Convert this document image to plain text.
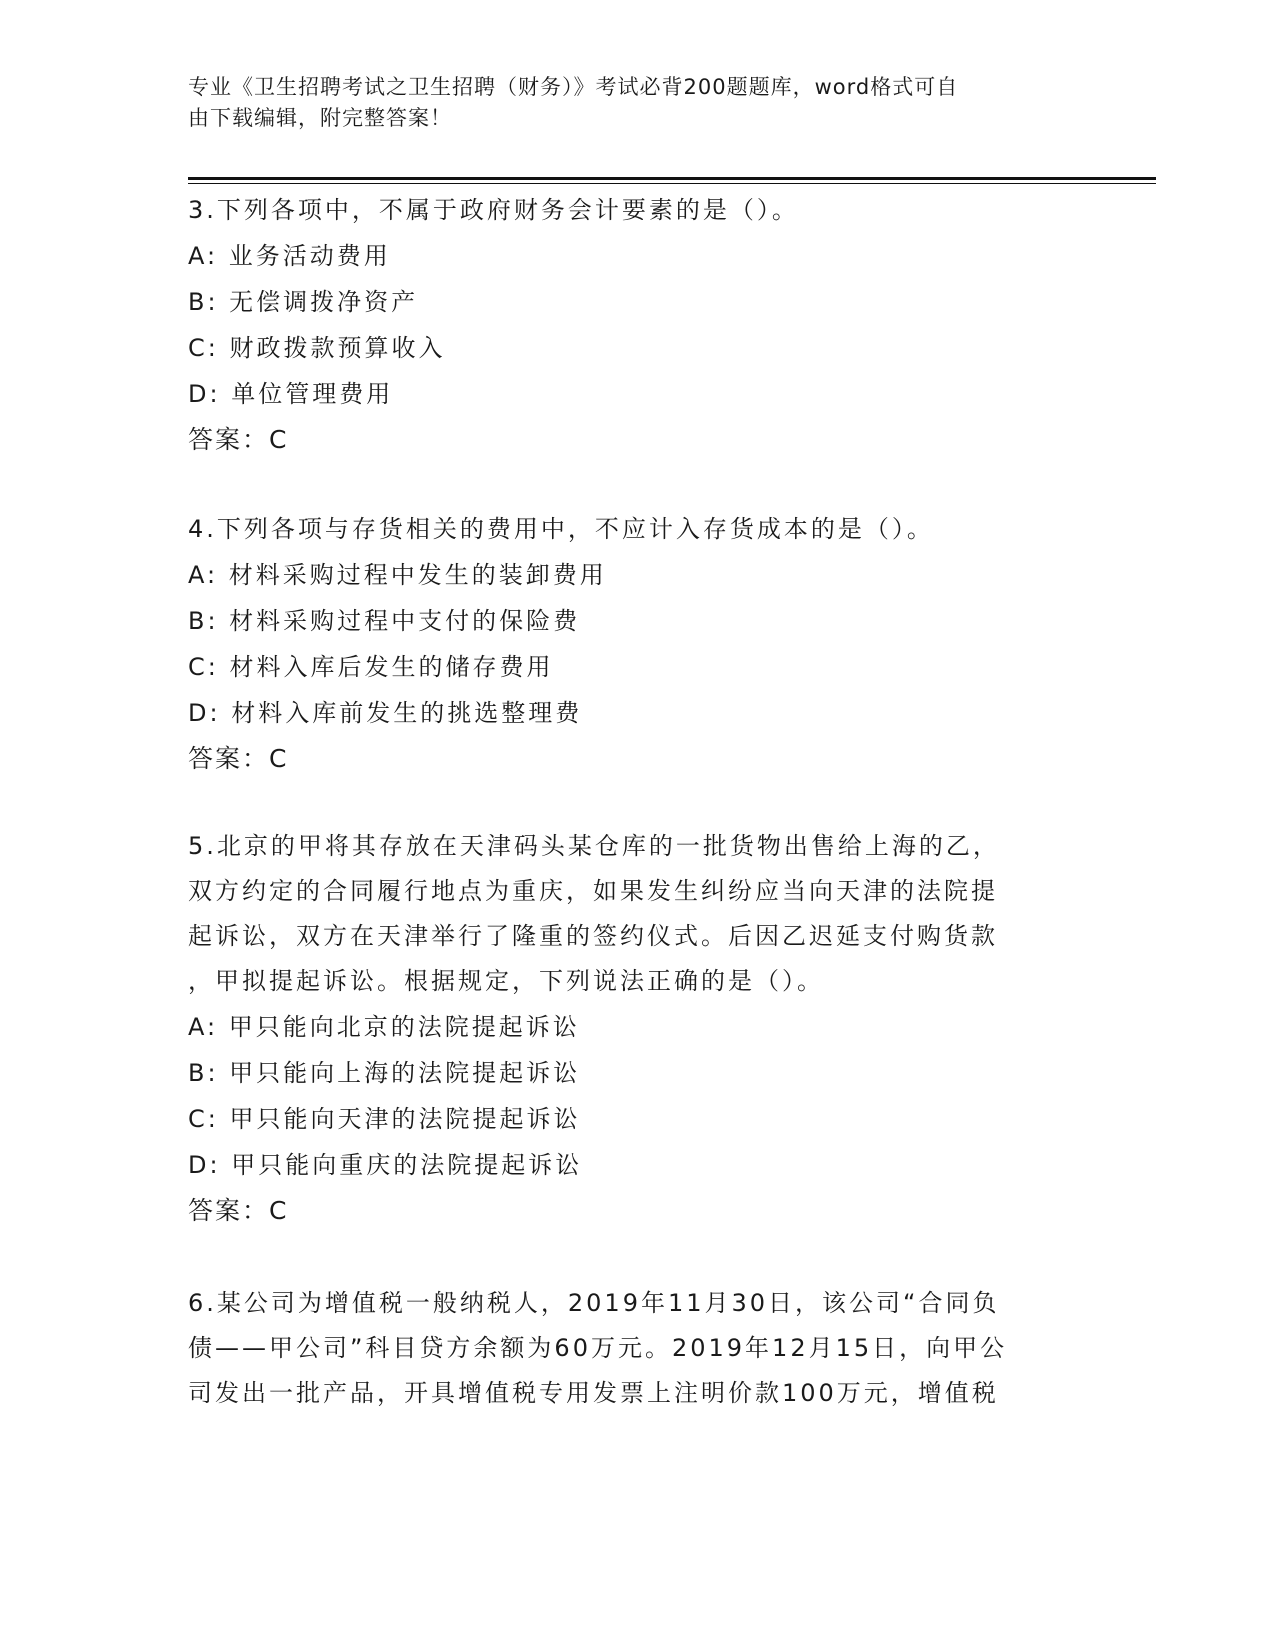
专业《卫生招聘考试之卫生招聘（财务）》考试必背200题题库，word格式可自
由下载编辑，附完整答案！
3.下列各项中，不属于政府财务会计要素的是（）。
A: 业务活动费用
B: 无偿调拨净资产
C: 财政拨款预算收入
D: 单位管理费用
答案：C
4.下列各项与存货相关的费用中，不应计入存货成本的是（）。
A: 材料采购过程中发生的装卸费用
B: 材料采购过程中支付的保险费
C: 材料入库后发生的储存费用
D: 材料入库前发生的挑选整理费
答案：C
5.北京的甲将其存放在天津码头某仓库的一批货物出售给上海的乙，
双方约定的合同履行地点为重庆，如果发生纠纷应当向天津的法院提
起诉讼，双方在天津举行了隆重的签约仪式。后因乙迟延支付购货款
，甲拟提起诉讼。根据规定，下列说法正确的是（）。
A: 甲只能向北京的法院提起诉讼
B: 甲只能向上海的法院提起诉讼
C: 甲只能向天津的法院提起诉讼
D: 甲只能向重庆的法院提起诉讼
答案：C
6.某公司为增值税一般纳税人，2019年11月30日，该公司“合同负
债——甲公司”科目贷方余额为60万元。2019年12月15日，向甲公
司发出一批产品，开具增值税专用发票上注明价款100万元，增值税
